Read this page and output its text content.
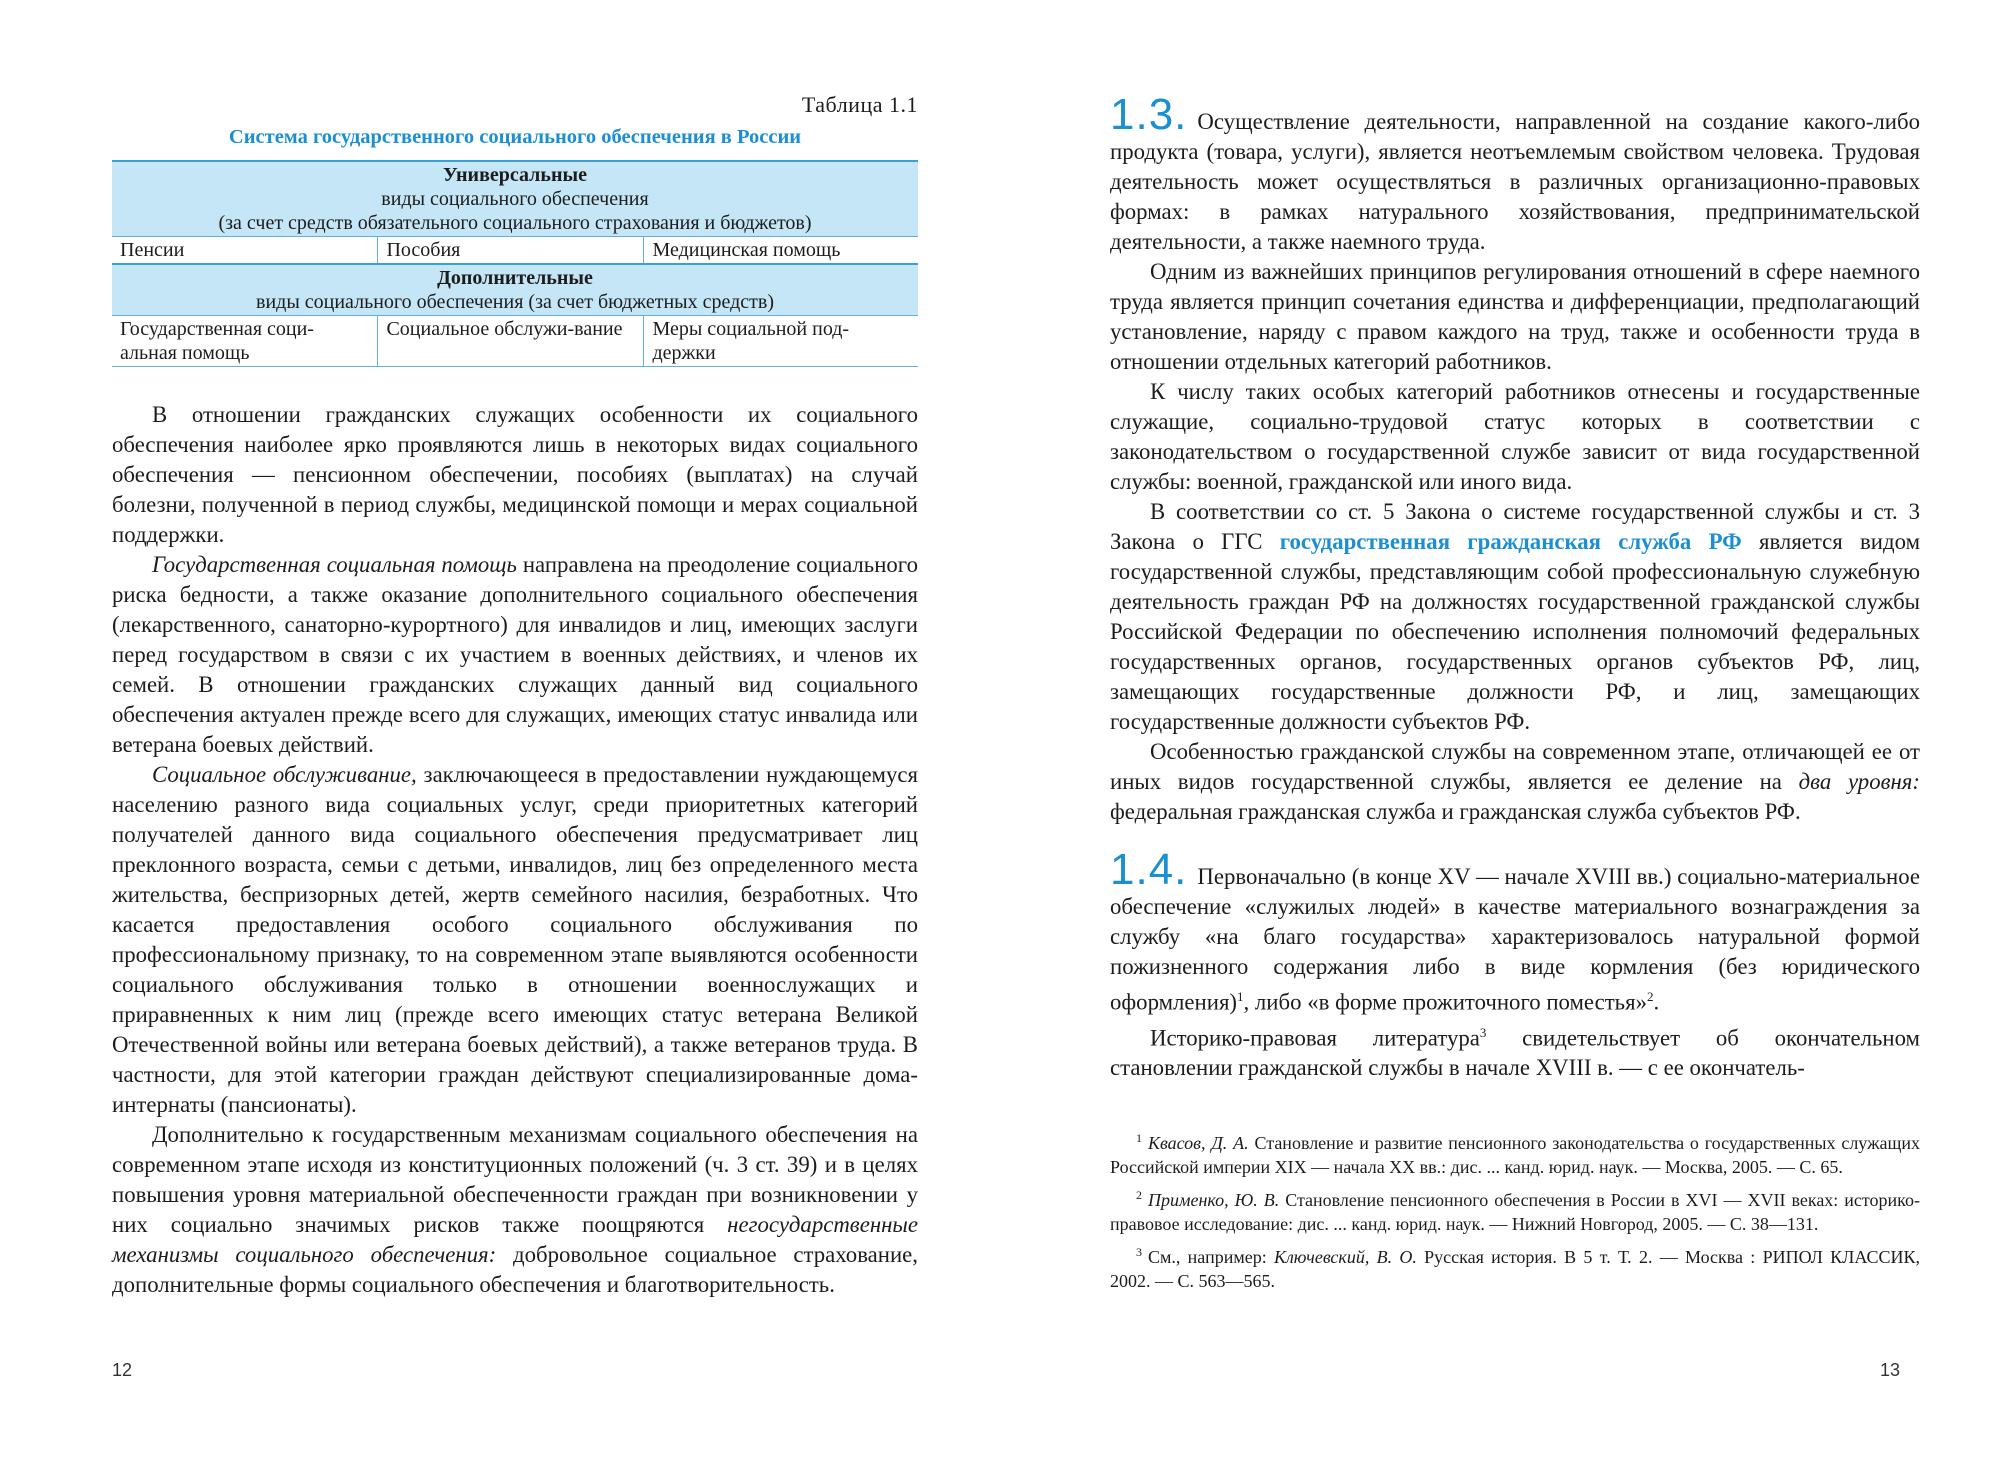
Таблица 1.1
Система государственного социального обеспечения в России
Универсальные
виды социального обеспечения
(за счет средств обязательного социального страхования и бюджетов)		

Пенсии	Пособия	Медицинская помощь

Дополнительные
виды социального обеспечения (за счет бюджетных средств)		

Государственная соци-альная помощь	Социальное обслужи-вание	Меры социальной под-держки

В отношении гражданских служащих особенности их социального обеспечения наиболее ярко проявляются лишь в некоторых видах социального обеспечения — пенсионном обеспечении, пособиях (выплатах) на случай болезни, полученной в период службы, медицинской помощи и мерах социальной поддержки.

Государственная социальная помощь направлена на преодоление социального риска бедности, а также оказание дополнительного социального обеспечения (лекарственного, санаторно-курортного) для инвалидов и лиц, имеющих заслуги перед государством в связи с их участием в военных действиях, и членов их семей. В отношении гражданских служащих данный вид социального обеспечения актуален прежде всего для служащих, имеющих статус инвалида или ветерана боевых действий.

Социальное обслуживание, заключающееся в предоставлении нуждающемуся населению разного вида социальных услуг, среди приоритетных категорий получателей данного вида социального обеспечения предусматривает лиц преклонного возраста, семьи с детьми, инвалидов, лиц без определенного места жительства, беспризорных детей, жертв семейного насилия, безработных. Что касается предоставления особого социального обслуживания по профессиональному признаку, то на современном этапе выявляются особенности социального обслуживания только в отношении военнослужащих и приравненных к ним лиц (прежде всего имеющих статус ветерана Великой Отечественной войны или ветерана боевых действий), а также ветеранов труда. В частности, для этой категории граждан действуют специализированные дома-интернаты (пансионаты).

Дополнительно к государственным механизмам социального обеспечения на современном этапе исходя из конституционных положений (ч. 3 ст. 39) и в целях повышения уровня материальной обеспеченности граждан при возникновении у них социально значимых рисков также поощряются негосударственные механизмы социального обеспечения: добровольное социальное страхование, дополнительные формы социального обеспечения и благотворительность.

12

1.3. Осуществление деятельности, направленной на создание какого-либо продукта (товара, услуги), является неотъемлемым свойством человека. Трудовая деятельность может осуществляться в различных организационно-правовых формах: в рамках натурального хозяйствования, предпринимательской деятельности, а также наемного труда.

Одним из важнейших принципов регулирования отношений в сфере наемного труда является принцип сочетания единства и дифференциации, предполагающий установление, наряду с правом каждого на труд, также и особенности труда в отношении отдельных категорий работников.

К числу таких особых категорий работников отнесены и государственные служащие, социально-трудовой статус которых в соответствии с законодательством о государственной службе зависит от вида государственной службы: военной, гражданской или иного вида.

В соответствии со ст. 5 Закона о системе государственной службы и ст. 3 Закона о ГГС государственная гражданская служба РФ является видом государственной службы, представляющим собой профессиональную служебную деятельность граждан РФ на должностях государственной гражданской службы Российской Федерации по обеспечению исполнения полномочий федеральных государственных органов, государственных органов субъектов РФ, лиц, замещающих государственные должности РФ, и лиц, замещающих государственные должности субъектов РФ.

Особенностью гражданской службы на современном этапе, отличающей ее от иных видов государственной службы, является ее деление на два уровня: федеральная гражданская служба и гражданская служба субъектов РФ.

1.4. Первоначально (в конце XV — начале XVIII вв.) социально-материальное обеспечение «служилых людей» в качестве материального вознаграждения за службу «на благо государства» характеризовалось натуральной формой пожизненного содержания либо в виде кормления (без юридического оформления)$^1$, либо «в форме прожиточного поместья»$^2$.

Историко-правовая литература$^3$ свидетельствует об окончательном становлении гражданской службы в начале XVIII в. — с ее окончатель-

$^1$ Квасов, Д. А. Становление и развитие пенсионного законодательства о государственных служащих Российской империи XIX — начала XX вв.: дис. ... канд. юрид. наук. — Москва, 2005. — С. 65.
$^2$ Применко, Ю. В. Становление пенсионного обеспечения в России в XVI — XVII веках: историко-правовое исследование: дис. ... канд. юрид. наук. — Нижний Новгород, 2005. — С. 38—131.
$^3$ См., например: Ключевский, В. О. Русская история. В 5 т. Т. 2. — Москва : РИПОЛ КЛАССИК, 2002. — С. 563—565.
13
